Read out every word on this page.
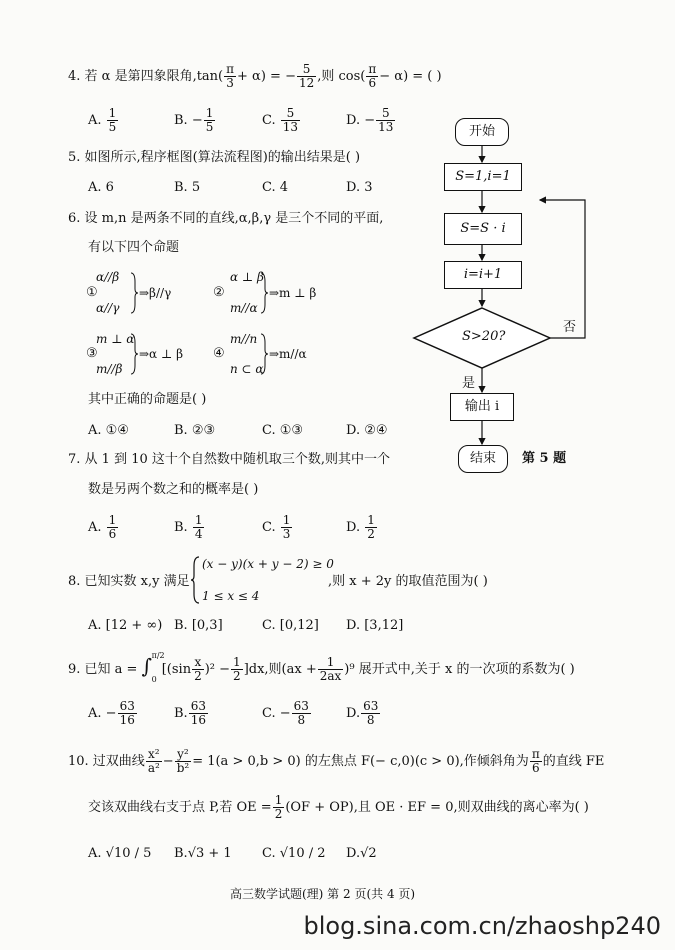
4. 若 α 是第四象限角$,\tan( \frac{\pi}{3} + \alpha)$ = − $\frac{5}{12}$ ,则 $\cos( \frac{\pi}{6} - \alpha)$ = ( )
A. $\frac{1}{5}$	B. − $\frac{1}{5}$	C. $\frac{5}{13}$	D. − $\frac{5}{13}$
5. 如图所示,程序框图(算法流程图)的输出结果是( )
A. 6	B. 5	C. 4	D. 3
6. 设 m,n 是两条不同的直线,α,β,γ 是三个不同的平面,
有以下四个命题
α//β
α//γ
①	⇒β//γ
α ⊥ β
m//α
②	⇒m ⊥ β
m ⊥ α
m//β
③	⇒α ⊥ β
m//n
n ⊂ α
④	⇒m//α
其中正确的命题是( )
A. ①④	B. ②③	C. ①③	D. ②④
7. 从 1 到 10 这十个自然数中随机取三个数,则其中一个
数是另两个数之和的概率是( )
A. $\frac{1}{6}$	B. $\frac{1}{4}$	C. $\frac{1}{3}$	D. $\frac{1}{2}$
8. 已知实数 x,y 满足
(x − y)(x + y − 2) ≥ 0
1 ≤ x ≤ 4
,则 x + 2y 的取值范围为( )
A. [12 + ∞) B. [0,3]	C. [0,12] D. [3,12]
9. 已知 a = ∫ π/2
0
$[(\sin \frac{x}{2} )^2 - \frac{1}{2} ]dx$,则$(ax + \frac{1}{2ax} )^9$ 展开式中,关于 x 的一次项的系数为( )
A. − $\frac{63}{16}$	B. $\frac{63}{16}$	C. − $\frac{63}{8}$	D. $\frac{63}{8}$
10. 过双曲线 $\frac{\text{x²}}{\text{a²}} - \frac{\text{y²}}{\text{b²}} = 1(a > 0,b > 0)$ 的左焦点 F(− c,0)(c > 0),作倾斜角为 $\frac{\pi}{6}$ 的直线 FE
交该双曲线右支于点 P,若 OE = $\frac{1}{2} (OF + OP)$,且 OE · EF = 0,则双曲线的离心率为( )
A. √10 / 5 B.√3 + 1 C. √10 / 2 D.√2
开始
S=1,i=1
S=S · i
i=i+1
S>20?
否
是
输出 i
结束	第 5 题
高三数学试题(理) 第 2 页(共 4 页)
blog.sina.com.cn/zhaoshp240
